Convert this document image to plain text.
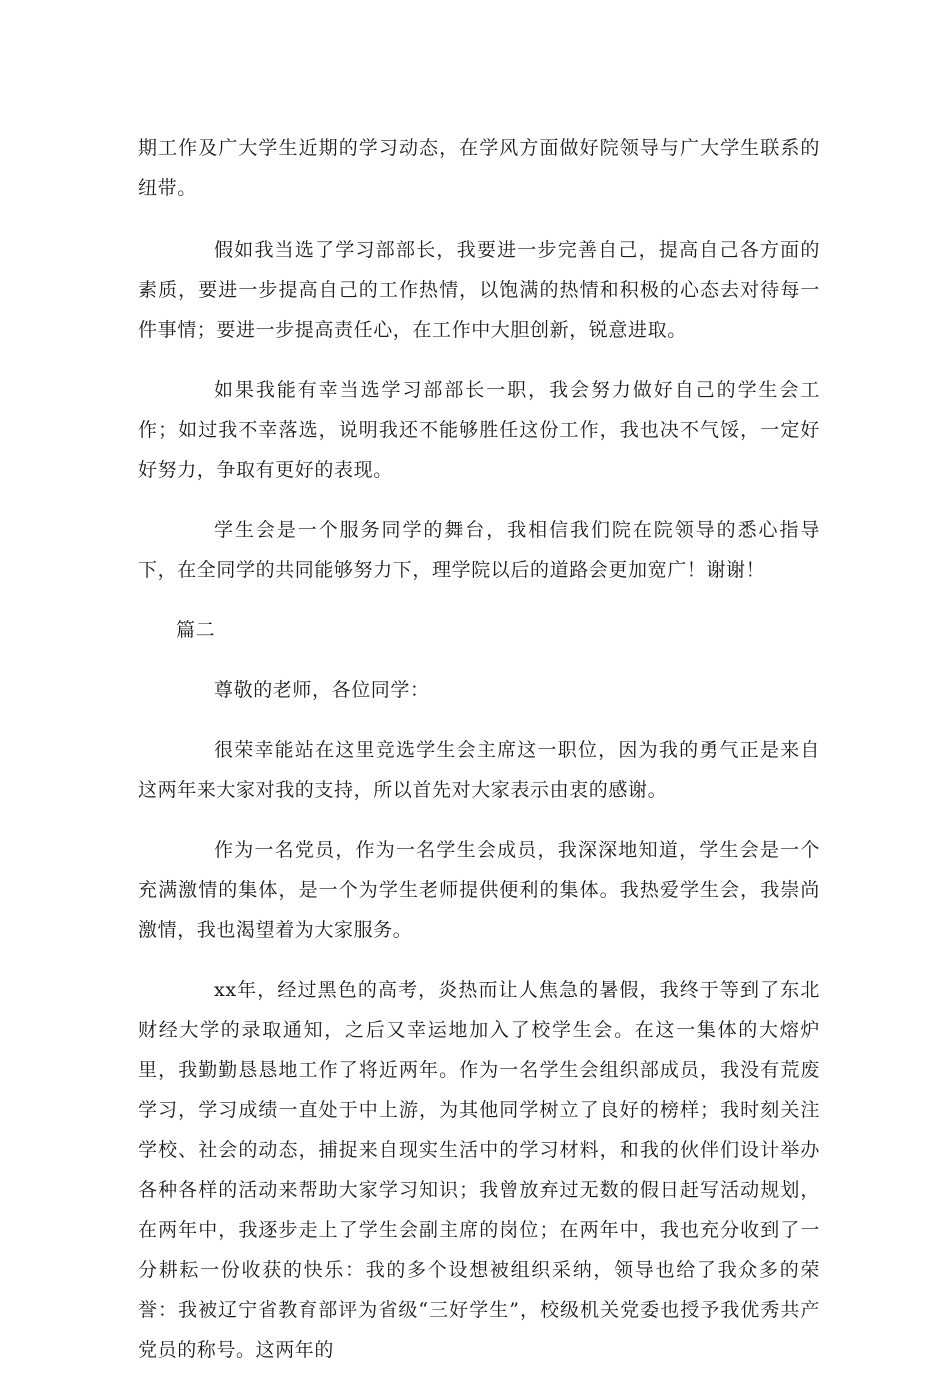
期工作及广大学生近期的学习动态，在学风方面做好院领导与广大学生联系的纽带。

假如我当选了学习部部长，我要进一步完善自己，提高自己各方面的素质，要进一步提高自己的工作热情，以饱满的热情和积极的心态去对待每一件事情；要进一步提高责任心，在工作中大胆创新，锐意进取。

如果我能有幸当选学习部部长一职，我会努力做好自己的学生会工作；如过我不幸落选，说明我还不能够胜任这份工作，我也决不气馁，一定好好努力，争取有更好的表现。

学生会是一个服务同学的舞台，我相信我们院在院领导的悉心指导下，在全同学的共同能够努力下，理学院以后的道路会更加宽广！谢谢！

篇二

尊敬的老师，各位同学：

很荣幸能站在这里竞选学生会主席这一职位，因为我的勇气正是来自这两年来大家对我的支持，所以首先对大家表示由衷的感谢。

作为一名党员，作为一名学生会成员，我深深地知道，学生会是一个充满激情的集体，是一个为学生老师提供便利的集体。我热爱学生会，我崇尚激情，我也渴望着为大家服务。

xx年，经过黑色的高考，炎热而让人焦急的暑假，我终于等到了东北财经大学的录取通知，之后又幸运地加入了校学生会。在这一集体的大熔炉里，我勤勤恳恳地工作了将近两年。作为一名学生会组织部成员，我没有荒废学习，学习成绩一直处于中上游，为其他同学树立了良好的榜样；我时刻关注学校、社会的动态，捕捉来自现实生活中的学习材料，和我的伙伴们设计举办各种各样的活动来帮助大家学习知识；我曾放弃过无数的假日赶写活动规划，在两年中，我逐步走上了学生会副主席的岗位；在两年中，我也充分收到了一分耕耘一份收获的快乐：我的多个设想被组织采纳，领导也给了我众多的荣誉：我被辽宁省教育部评为省级“三好学生”，校级机关党委也授予我优秀共产党员的称号。这两年的
